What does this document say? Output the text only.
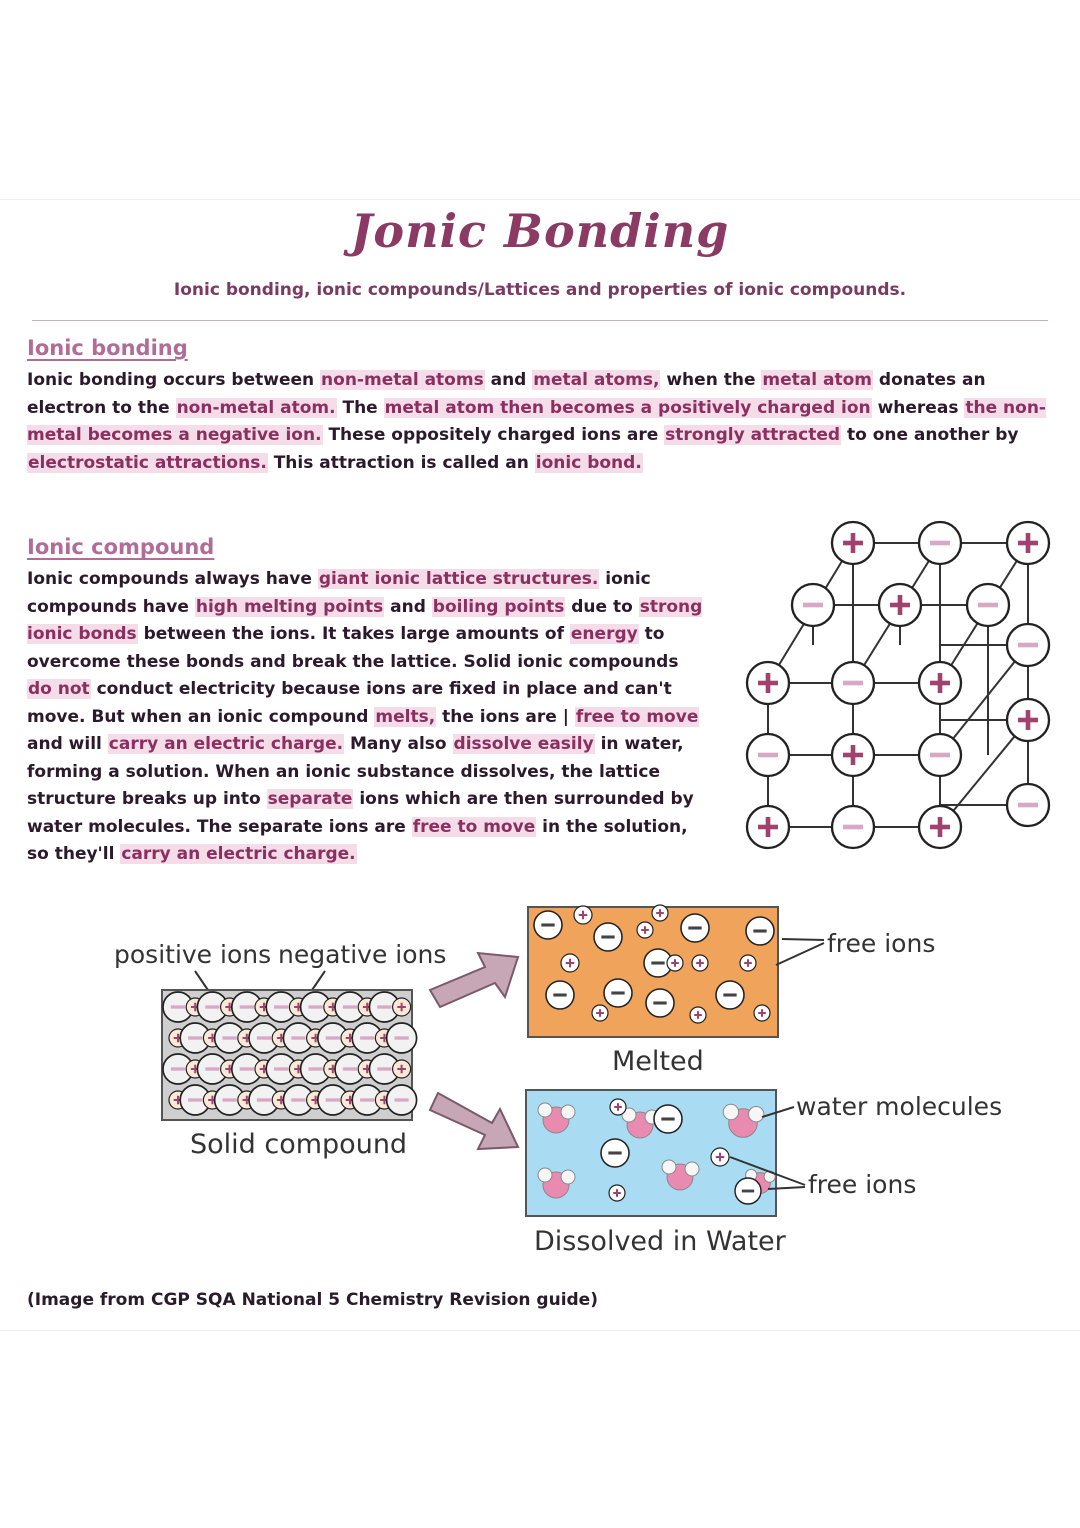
Jonic Bonding
Ionic bonding, ionic compounds/Lattices and properties of ionic compounds.
Ionic bonding
Ionic bonding occurs between non-metal atoms and metal atoms, when the metal atom donates an electron to the non-metal atom. The metal atom then becomes a positively charged ion whereas the non-metal becomes a negative ion. These oppositely charged ions are strongly attracted to one another by electrostatic attractions. This attraction is called an ionic bond.
Ionic compound
Ionic compounds always have giant ionic lattice structures. ionic compounds have high melting points and boiling points due to strong ionic bonds between the ions. It takes large amounts of energy to overcome these bonds and break the lattice. Solid ionic compounds do not conduct electricity because ions are fixed in place and can't move. But when an ionic compound melts, the ions are | free to move and will carry an electric charge. Many also dissolve easily in water, forming a solution. When an ionic substance dissolves, the lattice structure breaks up into separate ions which are then surrounded by water molecules. The separate ions are free to move in the solution, so they'll carry an electric charge.
positive ions negative ions
Solid compound
Melted
free ions
Dissolved in Water
water molecules
free ions
(Image from CGP SQA National 5 Chemistry Revision guide)
